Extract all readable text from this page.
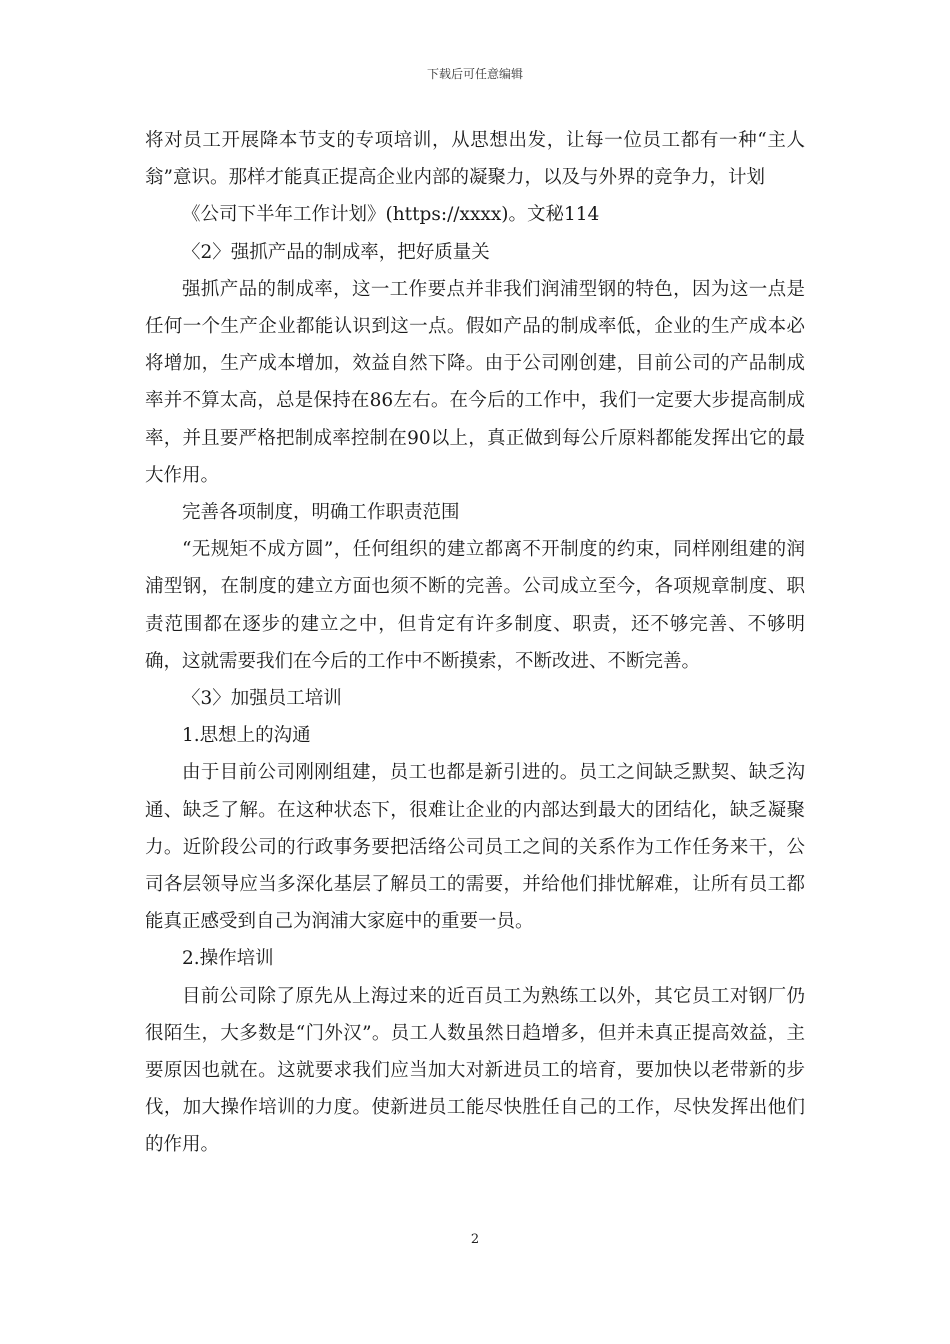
下载后可任意编辑

将对员工开展降本节支的专项培训，从思想出发，让每一位员工都有一种“主人翁”意识。那样才能真正提高企业内部的凝聚力，以及与外界的竞争力，计划

《公司下半年工作计划》(https://xxxx)。文秘114

〈2〉强抓产品的制成率，把好质量关

强抓产品的制成率，这一工作要点并非我们润浦型钢的特色，因为这一点是任何一个生产企业都能认识到这一点。假如产品的制成率低，企业的生产成本必将增加，生产成本增加，效益自然下降。由于公司刚创建，目前公司的产品制成率并不算太高，总是保持在86左右。在今后的工作中，我们一定要大步提高制成率，并且要严格把制成率控制在90以上，真正做到每公斤原料都能发挥出它的最大作用。

完善各项制度，明确工作职责范围

“无规矩不成方圆”，任何组织的建立都离不开制度的约束，同样刚组建的润浦型钢，在制度的建立方面也须不断的完善。公司成立至今，各项规章制度、职责范围都在逐步的建立之中，但肯定有许多制度、职责，还不够完善、不够明确，这就需要我们在今后的工作中不断摸索，不断改进、不断完善。

〈3〉加强员工培训

1.思想上的沟通

由于目前公司刚刚组建，员工也都是新引进的。员工之间缺乏默契、缺乏沟通、缺乏了解。在这种状态下，很难让企业的内部达到最大的团结化，缺乏凝聚力。近阶段公司的行政事务要把活络公司员工之间的关系作为工作任务来干，公司各层领导应当多深化基层了解员工的需要，并给他们排忧解难，让所有员工都能真正感受到自己为润浦大家庭中的重要一员。

2.操作培训

目前公司除了原先从上海过来的近百员工为熟练工以外，其它员工对钢厂仍很陌生，大多数是“门外汉”。员工人数虽然日趋增多，但并未真正提高效益，主要原因也就在。这就要求我们应当加大对新进员工的培育，要加快以老带新的步伐，加大操作培训的力度。使新进员工能尽快胜任自己的工作，尽快发挥出他们的作用。

2
